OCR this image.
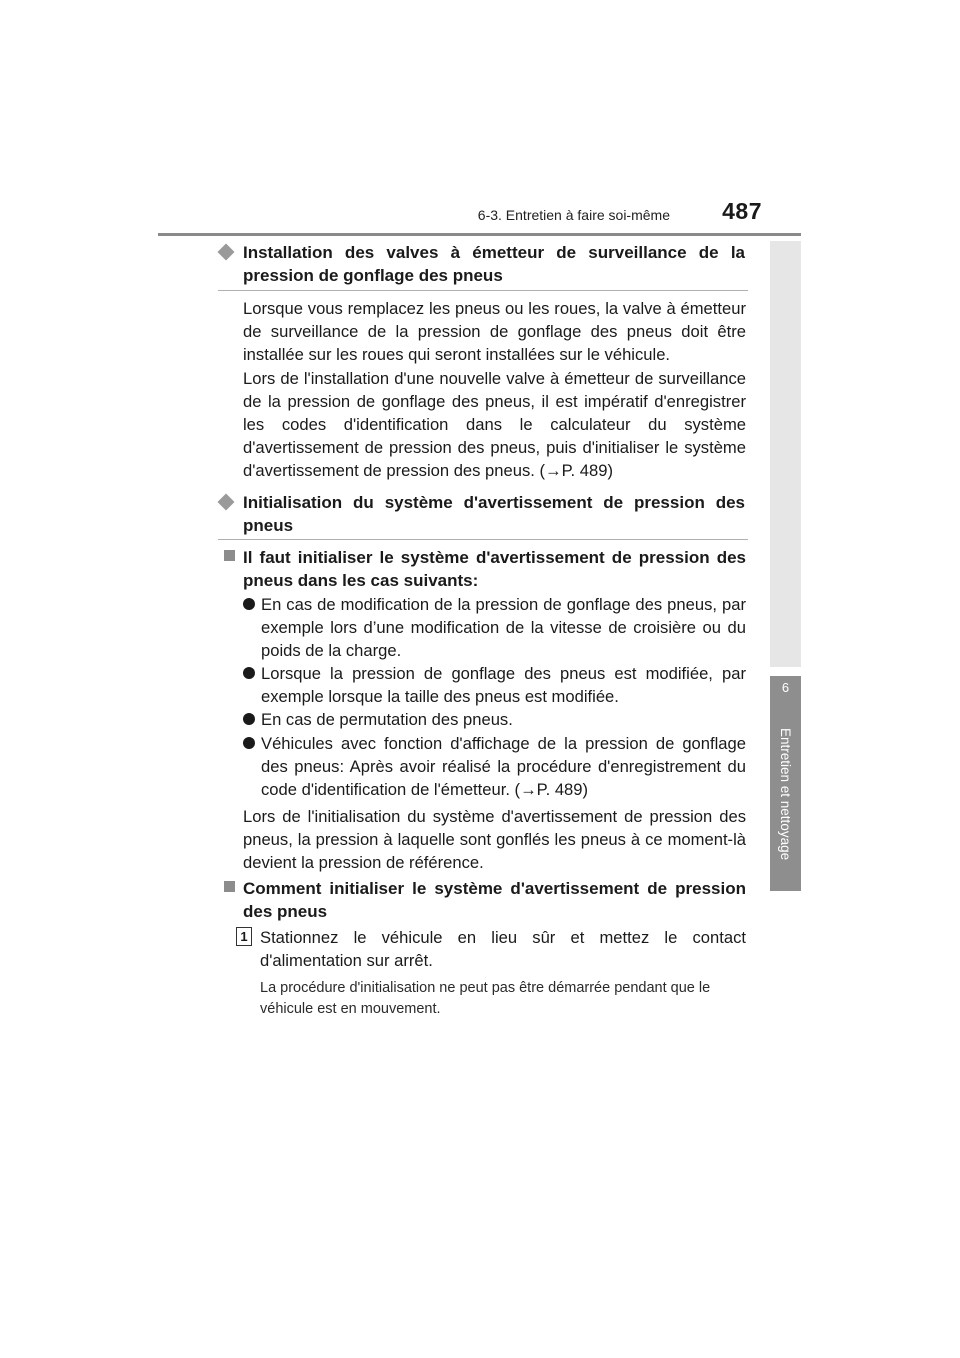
6-3. Entretien à faire soi-même	487
6
Entretien et nettoyage
Installation des valves à émetteur de surveillance de la pression de gonflage des pneus
Lorsque vous remplacez les pneus ou les roues, la valve à émetteur de surveillance de la pression de gonflage des pneus doit être installée sur les roues qui seront installées sur le véhicule.
Lors de l'installation d'une nouvelle valve à émetteur de surveillance de la pression de gonflage des pneus, il est impératif d'enregistrer les codes d'identification dans le calculateur du système d'avertissement de pression des pneus, puis d'initialiser le système d'avertissement de pression des pneus. (→P. 489)
Initialisation du système d'avertissement de pression des pneus
Il faut initialiser le système d'avertissement de pression des pneus dans les cas suivants:
En cas de modification de la pression de gonflage des pneus, par exemple lors d’une modification de la vitesse de croisière ou du poids de la charge.
Lorsque la pression de gonflage des pneus est modifiée, par exemple lorsque la taille des pneus est modifiée.
En cas de permutation des pneus.
Véhicules avec fonction d'affichage de la pression de gonflage des pneus: Après avoir réalisé la procédure d'enregistrement du code d'identification de l'émetteur. (→P. 489)
Lors de l'initialisation du système d'avertissement de pression des pneus, la pression à laquelle sont gonflés les pneus à ce moment-là devient la pression de référence.
Comment initialiser le système d'avertissement de pression des pneus
1 Stationnez le véhicule en lieu sûr et mettez le contact d'alimentation sur arrêt.
La procédure d'initialisation ne peut pas être démarrée pendant que le véhicule est en mouvement.
